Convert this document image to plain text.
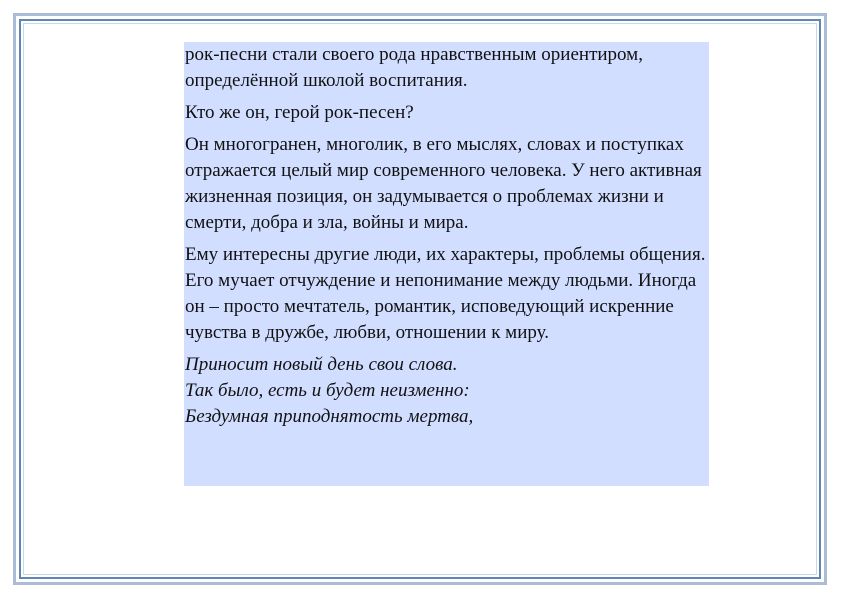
рок-песни стали своего рода нравственным ориентиром, определённой школой воспитания.

Кто же он, герой рок-песен?

Он многогранен, многолик, в его мыслях, словах и поступках отражается целый мир современного человека. У него активная жизненная позиция, он задумывается о проблемах жизни и смерти, добра и зла, войны и мира.

Ему интересны другие люди, их характеры, проблемы общения. Его мучает отчуждение и непонимание между людьми. Иногда он – просто мечтатель, романтик, исповедующий искренние чувства в дружбе, любви, отношении к миру.

Приносит новый день свои слова.
Так было, есть и будет неизменно:
Бездумная приподнятость мертва,
